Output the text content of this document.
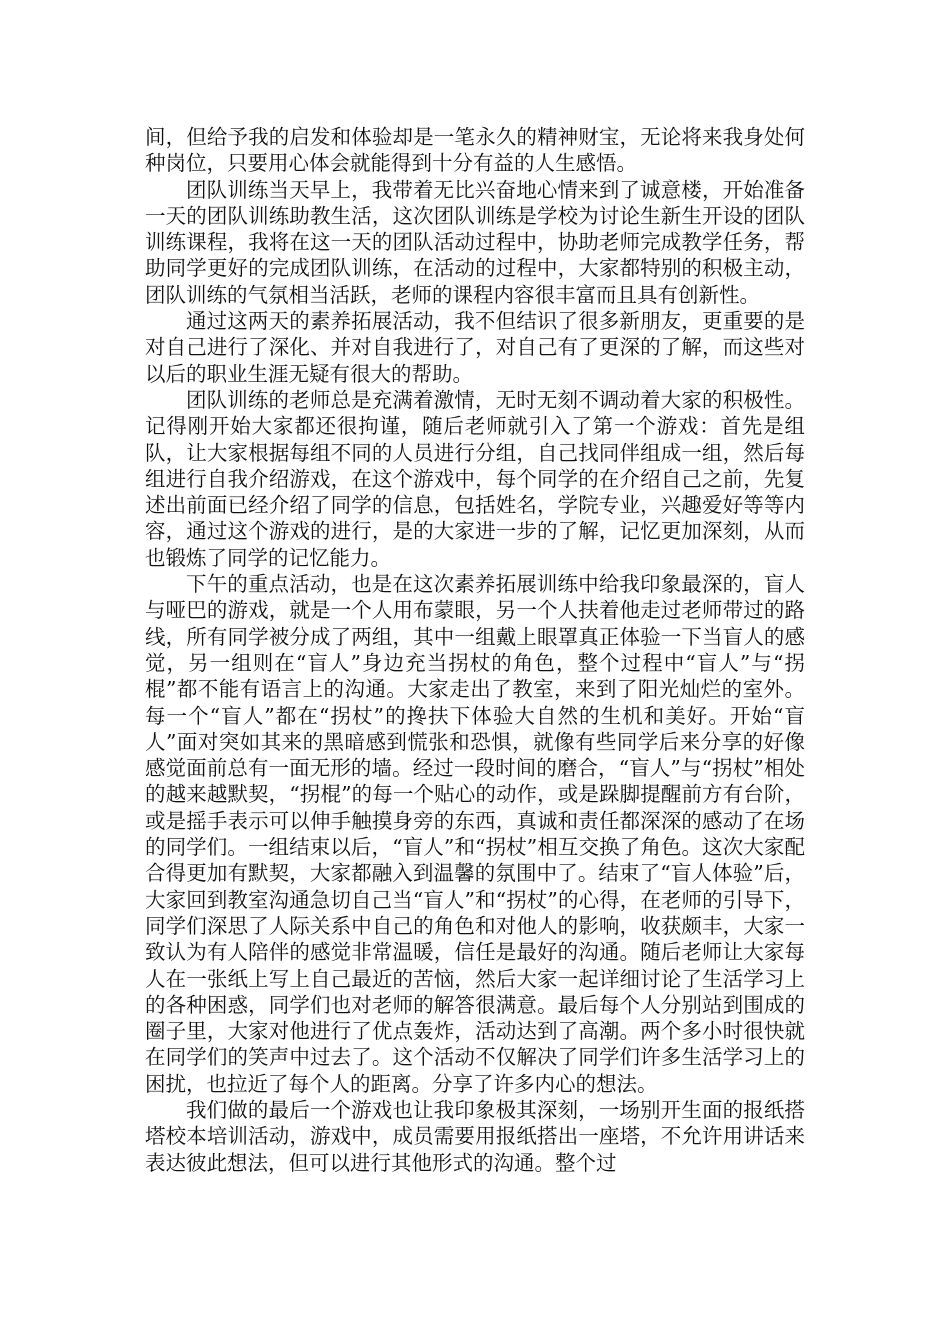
间，但给予我的启发和体验却是一笔永久的精神财宝，无论将来我身处何种岗位，只要用心体会就能得到十分有益的人生感悟。

团队训练当天早上，我带着无比兴奋地心情来到了诚意楼，开始准备一天的团队训练助教生活，这次团队训练是学校为讨论生新生开设的团队训练课程，我将在这一天的团队活动过程中，协助老师完成教学任务，帮助同学更好的完成团队训练，在活动的过程中，大家都特别的积极主动，团队训练的气氛相当活跃，老师的课程内容很丰富而且具有创新性。

通过这两天的素养拓展活动，我不但结识了很多新朋友，更重要的是对自己进行了深化、并对自我进行了，对自己有了更深的了解，而这些对以后的职业生涯无疑有很大的帮助。

团队训练的老师总是充满着激情，无时无刻不调动着大家的积极性。记得刚开始大家都还很拘谨，随后老师就引入了第一个游戏：首先是组队，让大家根据每组不同的人员进行分组，自己找同伴组成一组，然后每组进行自我介绍游戏，在这个游戏中，每个同学的在介绍自己之前，先复述出前面已经介绍了同学的信息，包括姓名，学院专业，兴趣爱好等等内容，通过这个游戏的进行，是的大家进一步的了解，记忆更加深刻，从而也锻炼了同学的记忆能力。

下午的重点活动，也是在这次素养拓展训练中给我印象最深的，盲人与哑巴的游戏，就是一个人用布蒙眼，另一个人扶着他走过老师带过的路线，所有同学被分成了两组，其中一组戴上眼罩真正体验一下当盲人的感觉，另一组则在“盲人”身边充当拐杖的角色，整个过程中“盲人”与“拐棍”都不能有语言上的沟通。大家走出了教室，来到了阳光灿烂的室外。每一个“盲人”都在“拐杖”的搀扶下体验大自然的生机和美好。开始“盲人”面对突如其来的黑暗感到慌张和恐惧，就像有些同学后来分享的好像感觉面前总有一面无形的墙。经过一段时间的磨合，“盲人”与“拐杖”相处的越来越默契，“拐棍”的每一个贴心的动作，或是跺脚提醒前方有台阶，或是摇手表示可以伸手触摸身旁的东西，真诚和责任都深深的感动了在场的同学们。一组结束以后，“盲人”和“拐杖”相互交换了角色。这次大家配合得更加有默契，大家都融入到温馨的氛围中了。结束了“盲人体验”后，大家回到教室沟通急切自己当“盲人”和“拐杖”的心得，在老师的引导下，同学们深思了人际关系中自己的角色和对他人的影响，收获颇丰，大家一致认为有人陪伴的感觉非常温暖，信任是最好的沟通。随后老师让大家每人在一张纸上写上自己最近的苦恼，然后大家一起详细讨论了生活学习上的各种困惑，同学们也对老师的解答很满意。最后每个人分别站到围成的圈子里，大家对他进行了优点轰炸，活动达到了高潮。两个多小时很快就在同学们的笑声中过去了。这个活动不仅解决了同学们许多生活学习上的困扰，也拉近了每个人的距离。分享了许多内心的想法。

我们做的最后一个游戏也让我印象极其深刻，一场别开生面的报纸搭塔校本培训活动，游戏中，成员需要用报纸搭出一座塔，不允许用讲话来表达彼此想法，但可以进行其他形式的沟通。整个过
